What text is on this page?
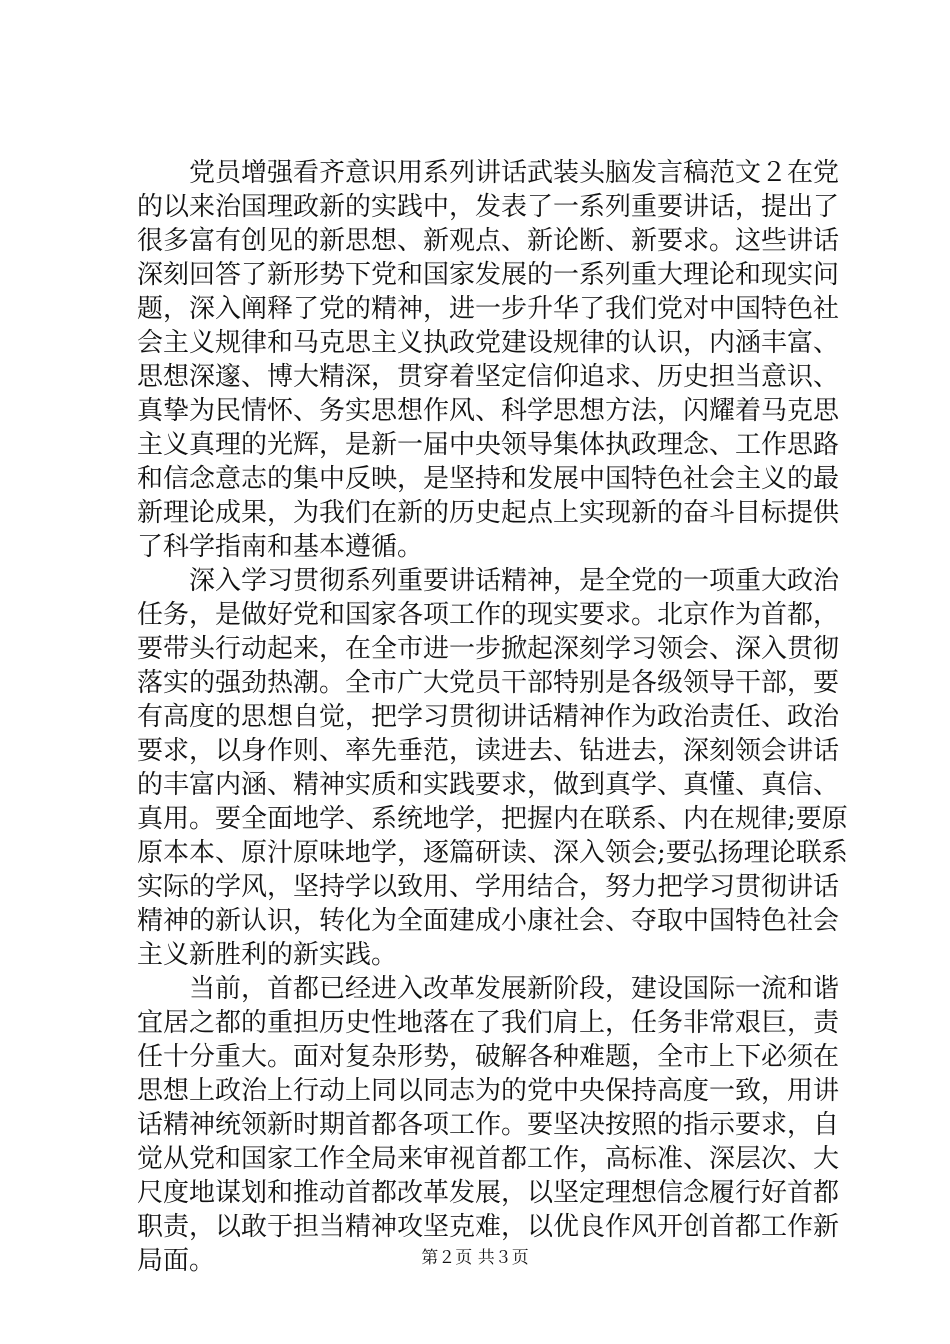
党员增强看齐意识用系列讲话武装头脑发言稿范文２在党
的以来治国理政新的实践中，发表了一系列重要讲话，提出了
很多富有创见的新思想、新观点、新论断、新要求。这些讲话
深刻回答了新形势下党和国家发展的一系列重大理论和现实问
题，深入阐释了党的精神，进一步升华了我们党对中国特色社
会主义规律和马克思主义执政党建设规律的认识，内涵丰富、
思想深邃、博大精深，贯穿着坚定信仰追求、历史担当意识、
真挚为民情怀、务实思想作风、科学思想方法，闪耀着马克思
主义真理的光辉，是新一届中央领导集体执政理念、工作思路
和信念意志的集中反映，是坚持和发展中国特色社会主义的最
新理论成果，为我们在新的历史起点上实现新的奋斗目标提供
了科学指南和基本遵循。
深入学习贯彻系列重要讲话精神，是全党的一项重大政治
任务，是做好党和国家各项工作的现实要求。北京作为首都，
要带头行动起来，在全市进一步掀起深刻学习领会、深入贯彻
落实的强劲热潮。全市广大党员干部特别是各级领导干部，要
有高度的思想自觉，把学习贯彻讲话精神作为政治责任、政治
要求，以身作则、率先垂范，读进去、钻进去，深刻领会讲话
的丰富内涵、精神实质和实践要求，做到真学、真懂、真信、
真用。要全面地学、系统地学，把握内在联系、内在规律;要原
原本本、原汁原味地学，逐篇研读、深入领会;要弘扬理论联系
实际的学风，坚持学以致用、学用结合，努力把学习贯彻讲话
精神的新认识，转化为全面建成小康社会、夺取中国特色社会
主义新胜利的新实践。
当前，首都已经进入改革发展新阶段，建设国际一流和谐
宜居之都的重担历史性地落在了我们肩上，任务非常艰巨，责
任十分重大。面对复杂形势，破解各种难题，全市上下必须在
思想上政治上行动上同以同志为的党中央保持高度一致，用讲
话精神统领新时期首都各项工作。要坚决按照的指示要求，自
觉从党和国家工作全局来审视首都工作，高标准、深层次、大
尺度地谋划和推动首都改革发展，以坚定理想信念履行好首都
职责，以敢于担当精神攻坚克难，以优良作风开创首都工作新
局面。	第２页 共３页
